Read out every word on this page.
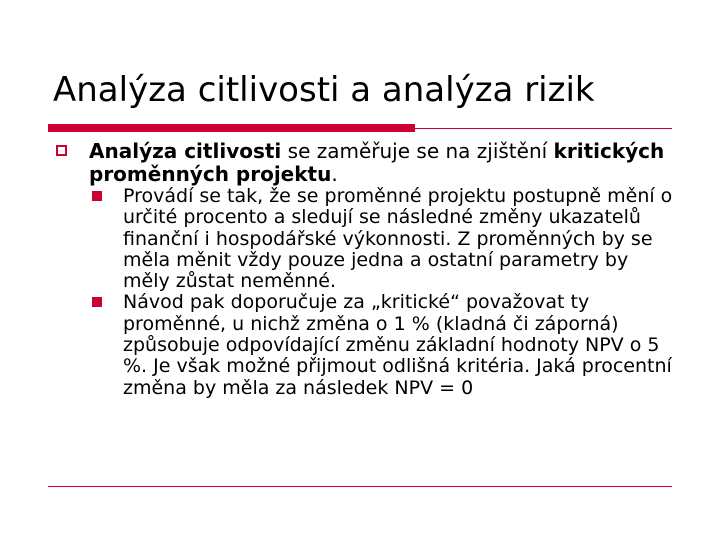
Analýza citlivosti a analýza rizik
Analýza citlivosti se zaměřuje se na zjištění kritických proměnných projektu.
Provádí se tak, že se proměnné projektu postupně mění o určité procento a sledují se následné změny ukazatelů finanční i hospodářské výkonnosti. Z proměnných by se měla měnit vždy pouze jedna a ostatní parametry by měly zůstat neměnné.
Návod pak doporučuje za „kritické“ považovat ty proměnné, u nichž změna o 1 % (kladná či záporná) způsobuje odpovídající změnu základní hodnoty NPV o 5 %. Je však možné přijmout odlišná kritéria. Jaká procentní změna by měla za následek NPV = 0
